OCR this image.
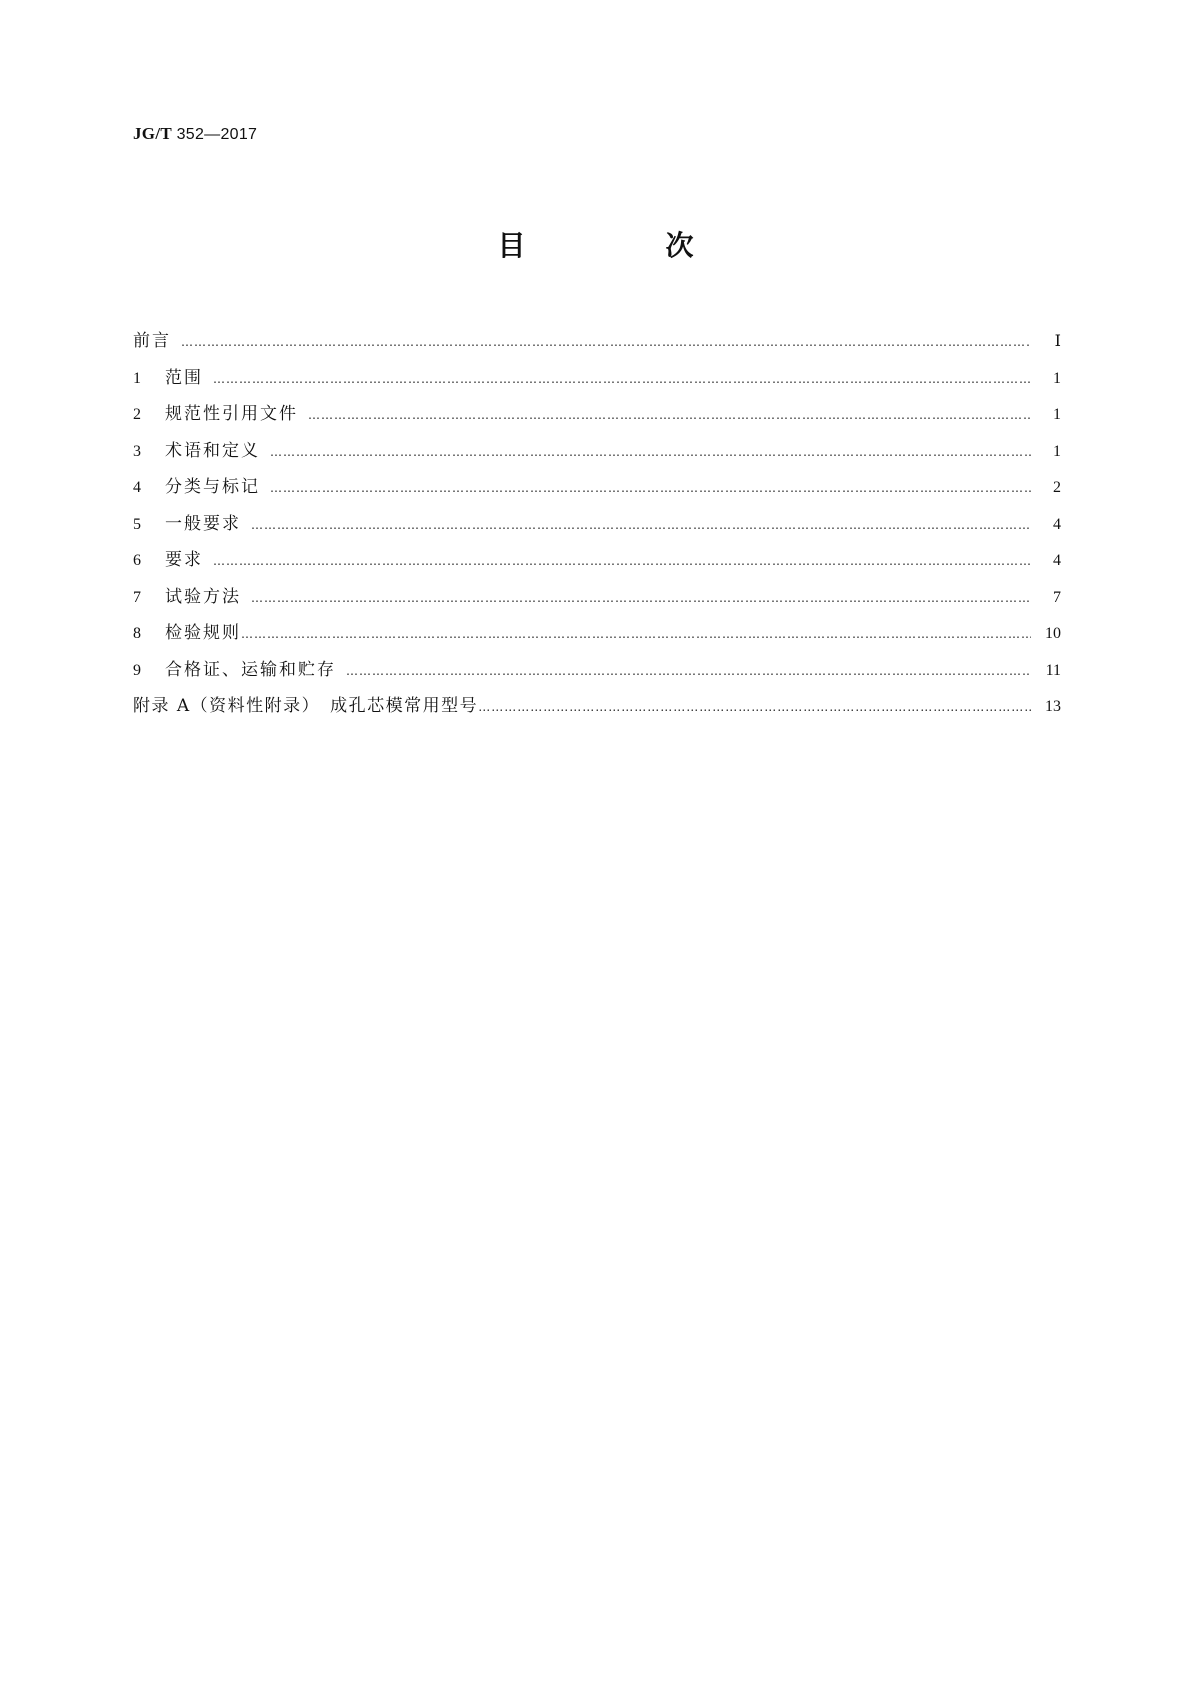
JG/T 352—2017
目　次
前言 ……………………………………………………………………………………………………………………………………………………………………………………………………………………	Ⅰ
1	范围 ……………………………………………………………………………………………………………………………………………………………………………………………………………………	1
2	规范性引用文件 ……………………………………………………………………………………………………………………………………………………………………………………………………………………	1
3	术语和定义 ……………………………………………………………………………………………………………………………………………………………………………………………………………………	1
4	分类与标记 ……………………………………………………………………………………………………………………………………………………………………………………………………………………	2
5	一般要求 ……………………………………………………………………………………………………………………………………………………………………………………………………………………	4
6	要求 ……………………………………………………………………………………………………………………………………………………………………………………………………………………	4
7	试验方法 ……………………………………………………………………………………………………………………………………………………………………………………………………………………	7
8	检验规则 ……………………………………………………………………………………………………………………………………………………………………………………………………………………	10
9	合格证、运输和贮存 ……………………………………………………………………………………………………………………………………………………………………………………………………………………	11
附录 A（资料性附录）　成孔芯模常用型号 ……………………………………………………………………………………………………………………………………………………………………………………………………………………	13
